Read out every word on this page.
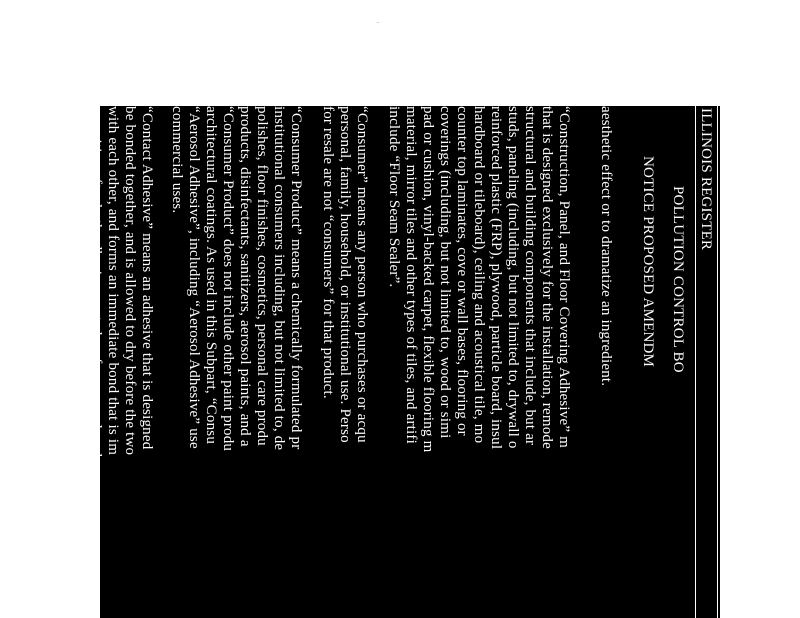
ILLINOIS REGISTER
POLLUTION CONTROL BO
NOTICE PROPOSED AMENDM
aesthetic effect or to dramatize an ingredient.
“Construction, Panel, and Floor Covering Adhesive” m
that is designed exclusively for the installation, remode
structural and building components that include, but ar
studs, paneling (including, but not limited to, drywall o
reinforced plastic (FRP), plywood, particle board, insul
hardboard or tileboard), ceiling and acoustical tile, mo
counter top laminates, cove or wall bases, flooring or
coverings (including, but not limited to, wood or simi
pad or cushion, vinyl-backed carpet, flexible flooring m
material, mirror tiles and other types of tiles, and artifi
include “Floor Seam Sealer”.
“Consumer” means any person who purchases or acqu
personal, family, household, or institutional use. Perso
for resale are not “consumers” for that product.
“Consumer Product” means a chemically formulated pr
institutional consumers including, but not limited to, de
polishes, floor finishes, cosmetics, personal care produ
products, disinfectants, sanitizers, aerosol paints, and a
“Consumer Product” does not include other paint produ
architectural coatings. As used in this Subpart, “Consu
“Aerosol Adhesive”, including “Aerosol Adhesive” use
commercial uses.
“Contact Adhesive” means an adhesive that is designed
be bonded together, and is allowed to dry before the two
with each other, and forms an immediate bond that is im
reposition after both adhesive-coated surfaces are placed
does not need sustained pressure or clamping of surfaces
surfaces have been brought together using sufficient mo
contact between both surfaces. The term does not includ
primarily intended for use on paper substrates. “Contact
vulcanizing fluids that are designed and labeled for tire r
